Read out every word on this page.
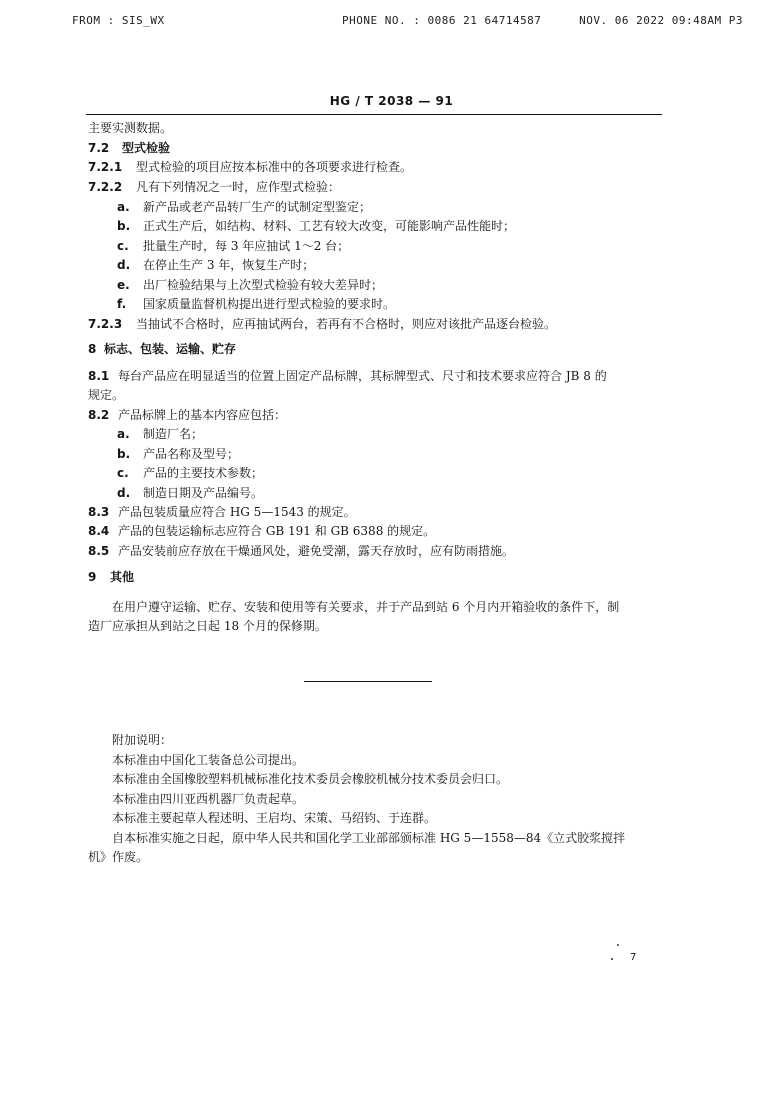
FROM : SIS_WX	PHONE NO. : 0086 21 64714587	NOV. 06 2022 09:48AM P3
HG / T 2038 — 91
主要实测数据。
7.2 型式检验
7.2.1 型式检验的项目应按本标准中的各项要求进行检查。
7.2.2 凡有下列情况之一时，应作型式检验：
a. 新产品或老产品转厂生产的试制定型鉴定；
b. 正式生产后，如结构、材料、工艺有较大改变，可能影响产品性能时；
c. 批量生产时，每 3 年应抽试 1～2 台；
d. 在停止生产 3 年，恢复生产时；
e. 出厂检验结果与上次型式检验有较大差异时；
f. 国家质量监督机构提出进行型式检验的要求时。
7.2.3 当抽试不合格时，应再抽试两台，若再有不合格时，则应对该批产品逐台检验。
8 标志、包装、运输、贮存
8.1 每台产品应在明显适当的位置上固定产品标牌，其标牌型式、尺寸和技术要求应符合 JB 8 的
规定。
8.2 产品标牌上的基本内容应包括：
a. 制造厂名；
b. 产品名称及型号；
c. 产品的主要技术参数；
d. 制造日期及产品编号。
8.3 产品包装质量应符合 HG 5—1543 的规定。
8.4 产品的包装运输标志应符合 GB 191 和 GB 6388 的规定。
8.5 产品安装前应存放在干燥通风处，避免受潮，露天存放时，应有防雨措施。
9 其他
在用户遵守运输、贮存、安装和使用等有关要求，并于产品到站 6 个月内开箱验收的条件下，制
造厂应承担从到站之日起 18 个月的保修期。
附加说明：
本标准由中国化工装备总公司提出。
本标准由全国橡胶塑料机械标准化技术委员会橡胶机械分技术委员会归口。
本标准由四川亚西机器厂负责起草。
本标准主要起草人程述明、王启均、宋策、马绍钧、于连群。
自本标准实施之日起，原中华人民共和国化学工业部部颁标准 HG 5—1558—84《立式胶浆搅拌
机》作废。
7
